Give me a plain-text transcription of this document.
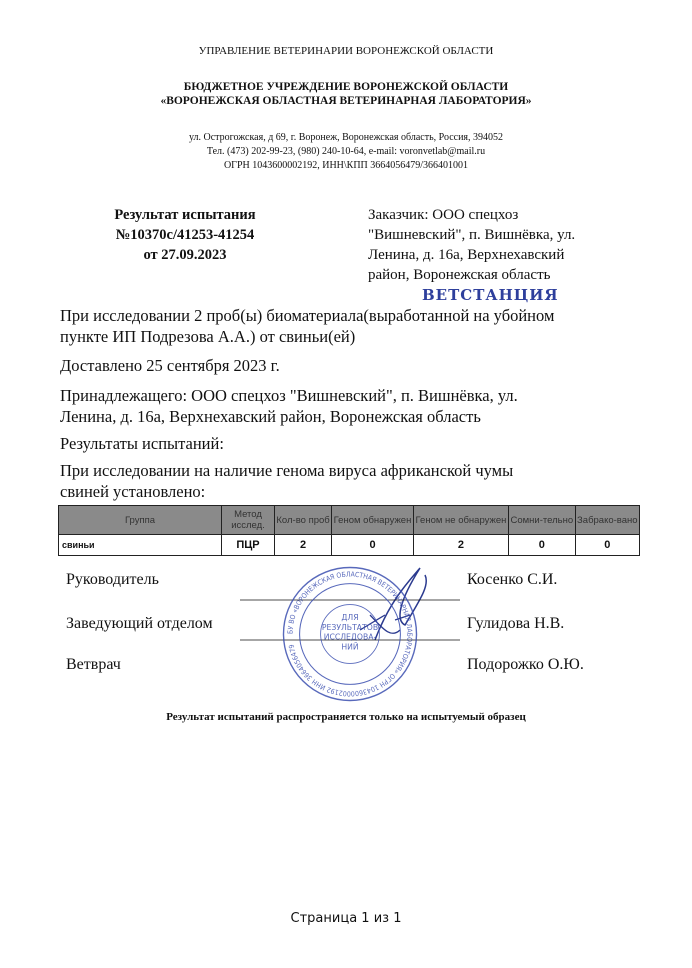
УПРАВЛЕНИЕ ВЕТЕРИНАРИИ ВОРОНЕЖСКОЙ ОБЛАСТИ
БЮДЖЕТНОЕ УЧРЕЖДЕНИЕ ВОРОНЕЖСКОЙ ОБЛАСТИ
«ВОРОНЕЖСКАЯ ОБЛАСТНАЯ ВЕТЕРИНАРНАЯ ЛАБОРАТОРИЯ»
ул. Острогожская, д 69, г. Воронеж, Воронежская область, Россия, 394052
Тел. (473) 202-99-23, (980) 240-10-64, e-mail: voronvetlab@mail.ru
ОГРН 1043600002192, ИНН\КПП 3664056479/366401001
Результат испытания
№10370с/41253-41254
от 27.09.2023
Заказчик: ООО спецхоз
"Вишневский", п. Вишнёвка, ул.
Ленина, д. 16а, Верхнехавский
район, Воронежская область
ВЕТСТАНЦИЯ
При исследовании 2 проб(ы) биоматериала(выработанной на убойном
пункте ИП Подрезова А.А.) от свиньи(ей)
Доставлено 25 сентября 2023 г.
Принадлежащего: ООО спецхоз "Вишневский", п. Вишнёвка, ул.
Ленина, д. 16а, Верхнехавский район, Воронежская область
Результаты испытаний:
При исследовании на наличие генома вируса африканской чумы
свиней установлено:
Группа	Метод исслед.	Кол-во проб	Геном обнаружен	Геном не обнаружен	Сомни-тельно	Забрако-вано
свиньи	ПЦР	2	0	2	0	0
Руководитель	Косенко С.И.
Заведующий отделом	Гулидова Н.В.
Ветврач	Подорожко О.Ю.
БУ ВО «ВОРОНЕЖСКАЯ ОБЛАСТНАЯ ВЕТЕРИНАРНАЯ ЛАБОРАТОРИЯ» ОГРН 1043600002192 ИНН 3664056479
ДЛЯ РЕЗУЛЬТАТОВ ИССЛЕДОВА-НИЙ
Результат испытаний распространяется только на испытуемый образец
Страница 1 из 1
